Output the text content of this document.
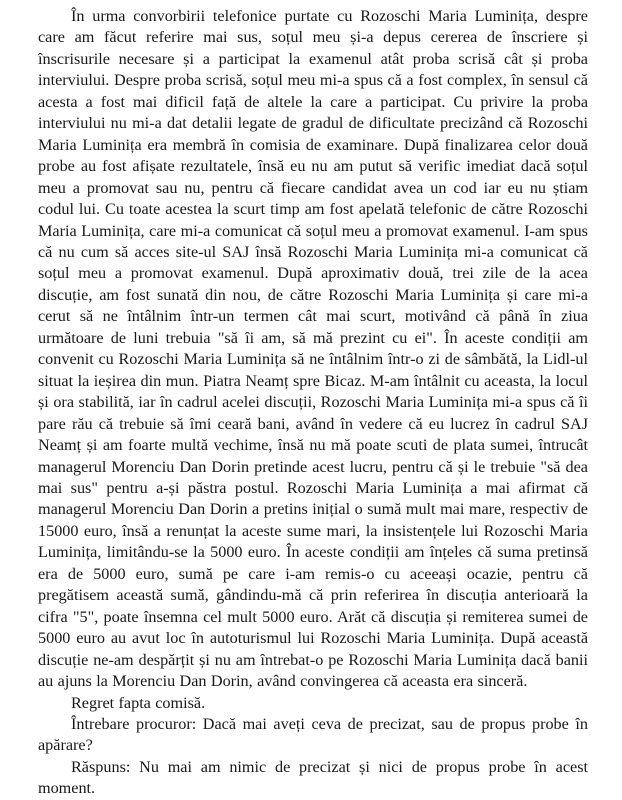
În urma convorbirii telefonice purtate cu Rozoschi Maria Luminița, despre care am făcut referire mai sus, soțul meu și-a depus cererea de înscriere și înscrisurile necesare și a participat la examenul atât proba scrisă cât și proba interviului. Despre proba scrisă, soțul meu mi-a spus că a fost complex, în sensul că acesta a fost mai dificil față de altele la care a participat. Cu privire la proba interviului nu mi-a dat detalii legate de gradul de dificultate precizând că Rozoschi Maria Luminița era membră în comisia de examinare. După finalizarea celor două probe au fost afișate rezultatele, însă eu nu am putut să verific imediat dacă soțul meu a promovat sau nu, pentru că fiecare candidat avea un cod iar eu nu știam codul lui. Cu toate acestea la scurt timp am fost apelată telefonic de către Rozoschi Maria Luminița, care mi-a comunicat că soțul meu a promovat examenul. I-am spus că nu cum să acces site-ul SAJ însă Rozoschi Maria Luminița mi-a comunicat că soțul meu a promovat examenul. După aproximativ două, trei zile de la acea discuție, am fost sunată din nou, de către Rozoschi Maria Luminița și care mi-a cerut să ne întâlnim într-un termen cât mai scurt, motivând că până în ziua următoare de luni trebuia "să îi am, să mă prezint cu ei". În aceste condiții am convenit cu Rozoschi Maria Luminița să ne întâlnim într-o zi de sâmbătă, la Lidl-ul situat la ieșirea din mun. Piatra Neamț spre Bicaz. M-am întâlnit cu aceasta, la locul și ora stabilită, iar în cadrul acelei discuții, Rozoschi Maria Luminița mi-a spus că îi pare rău că trebuie să îmi ceară bani, având în vedere că eu lucrez în cadrul SAJ Neamț și am foarte multă vechime, însă nu mă poate scuti de plata sumei, întrucât managerul Morenciu Dan Dorin pretinde acest lucru, pentru că și le trebuie "să dea mai sus" pentru a-și păstra postul. Rozoschi Maria Luminița a mai afirmat că managerul Morenciu Dan Dorin a pretins inițial o sumă mult mai mare, respectiv de 15000 euro, însă a renunțat la aceste sume mari, la insistențele lui Rozoschi Maria Luminița, limitându-se la 5000 euro. În aceste condiții am înțeles că suma pretinsă era de 5000 euro, sumă pe care i-am remis-o cu aceeași ocazie, pentru că pregătisem această sumă, gândindu-mă că prin referirea în discuția anterioară la cifra "5", poate însemna cel mult 5000 euro. Arăt că discuția și remiterea sumei de 5000 euro au avut loc în autoturismul lui Rozoschi Maria Luminița. După această discuție ne-am despărțit și nu am întrebat-o pe Rozoschi Maria Luminița dacă banii au ajuns la Morenciu Dan Dorin, având convingerea că aceasta era sinceră.

Regret fapta comisă.

Întrebare procuror: Dacă mai aveți ceva de precizat, sau de propus probe în apărare?

Răspuns: Nu mai am nimic de precizat și nici de propus probe în acest moment.
